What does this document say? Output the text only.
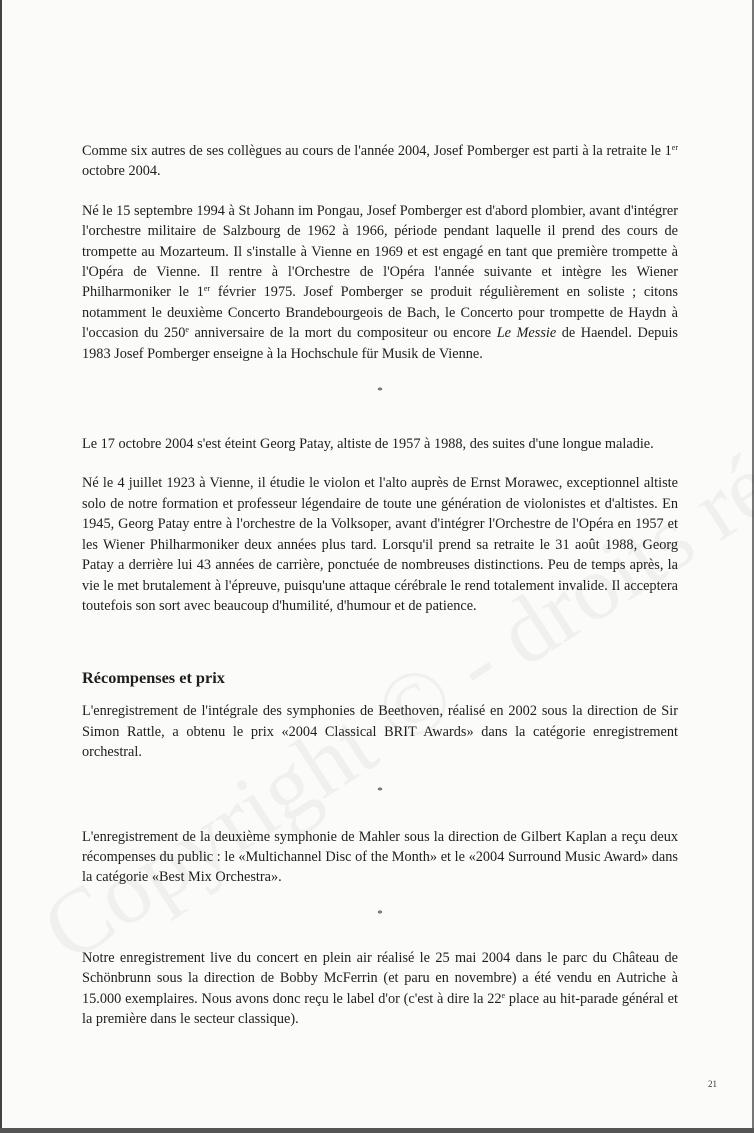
Comme six autres de ses collègues au cours de l'année 2004, Josef Pomberger est parti à la retraite le 1er octobre 2004.

Né le 15 septembre 1994 à St Johann im Pongau, Josef Pomberger est d'abord plombier, avant d'intégrer l'orchestre militaire de Salzbourg de 1962 à 1966, période pendant laquelle il prend des cours de trompette au Mozarteum. Il s'installe à Vienne en 1969 et est engagé en tant que première trompette à l'Opéra de Vienne. Il rentre à l'Orchestre de l'Opéra l'année suivante et intègre les Wiener Philharmoniker le 1er février 1975. Josef Pomberger se produit régulièrement en soliste ; citons notamment le deuxième Concerto Brandebourgeois de Bach, le Concerto pour trompette de Haydn à l'occasion du 250e anniversaire de la mort du compositeur ou encore Le Messie de Haendel. Depuis 1983 Josef Pomberger enseigne à la Hochschule für Musik de Vienne.

*

Le 17 octobre 2004 s'est éteint Georg Patay, altiste de 1957 à 1988, des suites d'une longue maladie.

Né le 4 juillet 1923 à Vienne, il étudie le violon et l'alto auprès de Ernst Morawec, exceptionnel altiste solo de notre formation et professeur légendaire de toute une génération de violonistes et d'altistes. En 1945, Georg Patay entre à l'orchestre de la Volksoper, avant d'intégrer l'Orchestre de l'Opéra en 1957 et les Wiener Philharmoniker deux années plus tard. Lorsqu'il prend sa retraite le 31 août 1988, Georg Patay a derrière lui 43 années de carrière, ponctuée de nombreuses distinctions. Peu de temps après, la vie le met brutalement à l'épreuve, puisqu'une attaque cérébrale le rend totalement invalide. Il acceptera toutefois son sort avec beaucoup d'humilité, d'humour et de patience.

Récompenses et prix

L'enregistrement de l'intégrale des symphonies de Beethoven, réalisé en 2002 sous la direction de Sir Simon Rattle, a obtenu le prix «2004 Classical BRIT Awards» dans la catégorie enregistrement orchestral.

*

L'enregistrement de la deuxième symphonie de Mahler sous la direction de Gilbert Kaplan a reçu deux récompenses du public : le «Multichannel Disc of the Month» et le «2004 Surround Music Award» dans la catégorie «Best Mix Orchestra».

*

Notre enregistrement live du concert en plein air réalisé le 25 mai 2004 dans le parc du Château de Schönbrunn sous la direction de Bobby McFerrin (et paru en novembre) a été vendu en Autriche à 15.000 exemplaires. Nous avons donc reçu le label d'or (c'est à dire la 22e place au hit-parade général et la première dans le secteur classique).

21
